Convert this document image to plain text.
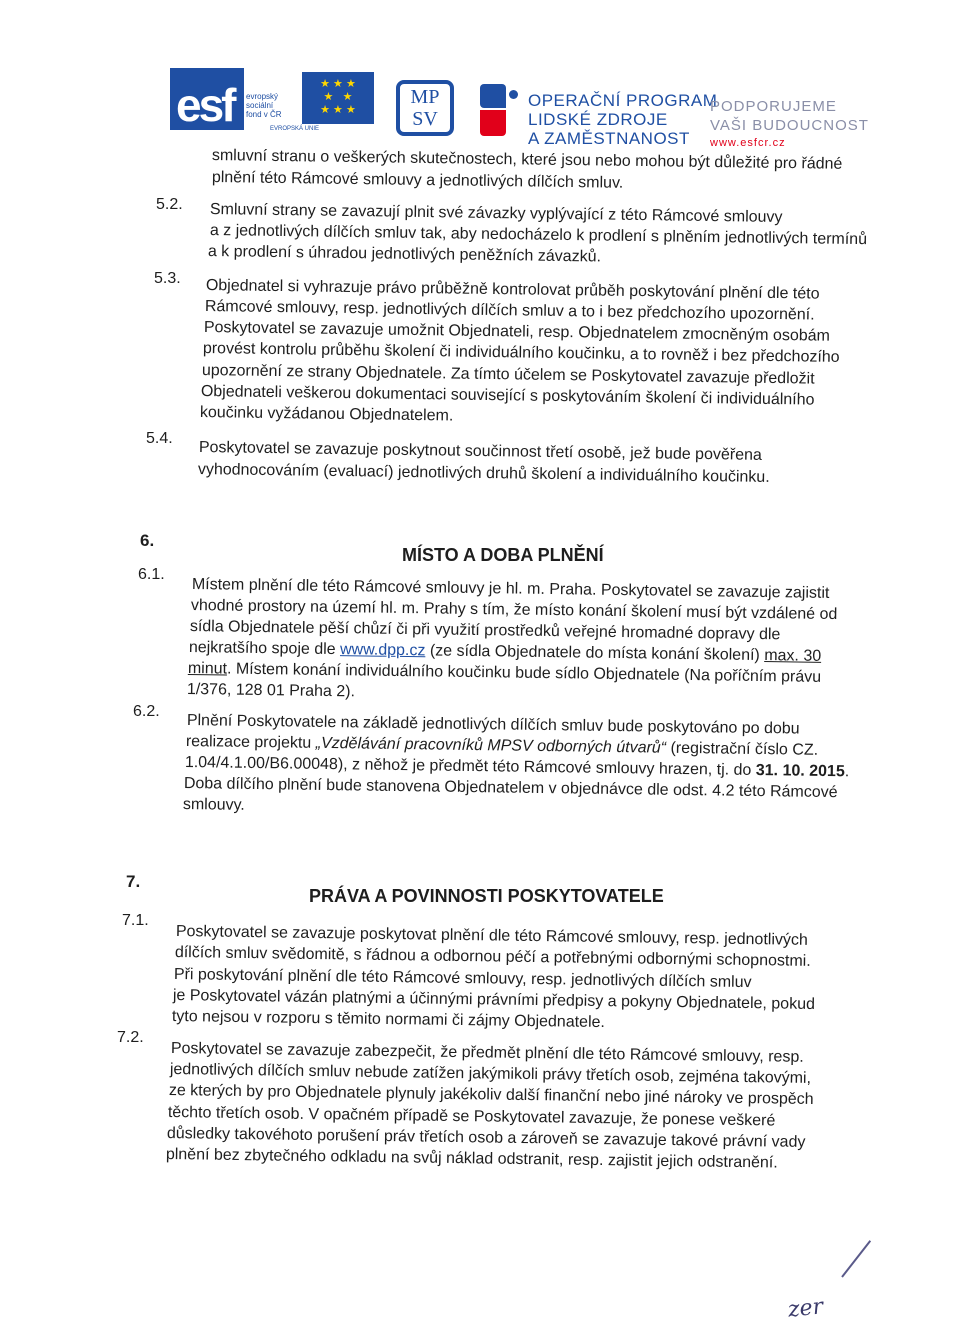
esf evropský
sociální
fond v ČR
★ ★ ★
★   ★
★ ★ ★
EVROPSKÁ UNIE
MP
SV
OPERAČNÍ PROGRAM
LIDSKÉ ZDROJE
A ZAMĚSTNANOST
PODPORUJEME
VAŠI BUDOUCNOST
www.esfcr.cz
smluvní stranu o veškerých skutečnostech, které jsou nebo mohou být důležité pro řádné
plnění této Rámcové smlouvy a jednotlivých dílčích smluv.
5.2. Smluvní strany se zavazují plnit své závazky vyplývající z této Rámcové smlouvy
a z jednotlivých dílčích smluv tak, aby nedocházelo k prodlení s plněním jednotlivých termínů
a k prodlení s úhradou jednotlivých peněžních závazků.
5.3. Objednatel si vyhrazuje právo průběžně kontrolovat průběh poskytování plnění dle této
Rámcové smlouvy, resp. jednotlivých dílčích smluv a to i bez předchozího upozornění.
Poskytovatel se zavazuje umožnit Objednateli, resp. Objednatelem zmocněným osobám
provést kontrolu průběhu školení či individuálního koučinku, a to rovněž i bez předchozího
upozornění ze strany Objednatele. Za tímto účelem se Poskytovatel zavazuje předložit
Objednateli veškerou dokumentaci související s poskytováním školení či individuálního
koučinku vyžádanou Objednatelem.
5.4.
Poskytovatel se zavazuje poskytnout součinnost třetí osobě, jež bude pověřena
vyhodnocováním (evaluací) jednotlivých druhů školení a individuálního koučinku.
6.
MÍSTO A DOBA PLNĚNÍ
6.1.
Místem plnění dle této Rámcové smlouvy je hl. m. Praha. Poskytovatel se zavazuje zajistit
vhodné prostory na území hl. m. Prahy s tím, že místo konání školení musí být vzdálené od
sídla Objednatele pěší chůzí či při využití prostředků veřejné hromadné dopravy dle
nejkratšího spoje dle www.dpp.cz (ze sídla Objednatele do místa konání školení) max. 30
minut. Místem konání individuálního koučinku bude sídlo Objednatele (Na poříčním právu
1/376, 128 01 Praha 2).
6.2.
Plnění Poskytovatele na základě jednotlivých dílčích smluv bude poskytováno po dobu
realizace projektu „Vzdělávání pracovníků MPSV odborných útvarů“ (registrační číslo CZ.
1.04/4.1.00/B6.00048), z něhož je předmět této Rámcové smlouvy hrazen, tj. do 31. 10. 2015.
Doba dílčího plnění bude stanovena Objednatelem v objednávce dle odst. 4.2 této Rámcové
smlouvy.
7.
PRÁVA A POVINNOSTI POSKYTOVATELE
7.1.
Poskytovatel se zavazuje poskytovat plnění dle této Rámcové smlouvy, resp. jednotlivých
dílčích smluv svědomitě, s řádnou a odbornou péčí a potřebnými odbornými schopnostmi.
Při poskytování plnění dle této Rámcové smlouvy, resp. jednotlivých dílčích smluv
je Poskytovatel vázán platnými a účinnými právními předpisy a pokyny Objednatele, pokud
tyto nejsou v rozporu s těmito normami či zájmy Objednatele.
7.2.
Poskytovatel se zavazuje zabezpečit, že předmět plnění dle této Rámcové smlouvy, resp.
jednotlivých dílčích smluv nebude zatížen jakýmikoli právy třetích osob, zejména takovými,
ze kterých by pro Objednatele plynuly jakékoliv další finanční nebo jiné nároky ve prospěch
těchto třetích osob. V opačném případě se Poskytovatel zavazuje, že ponese veškeré
důsledky takovéhoto porušení práv třetích osob a zároveň se zavazuje takové právní vady
plnění bez zbytečného odkladu na svůj náklad odstranit, resp. zajistit jejich odstranění.
zer
